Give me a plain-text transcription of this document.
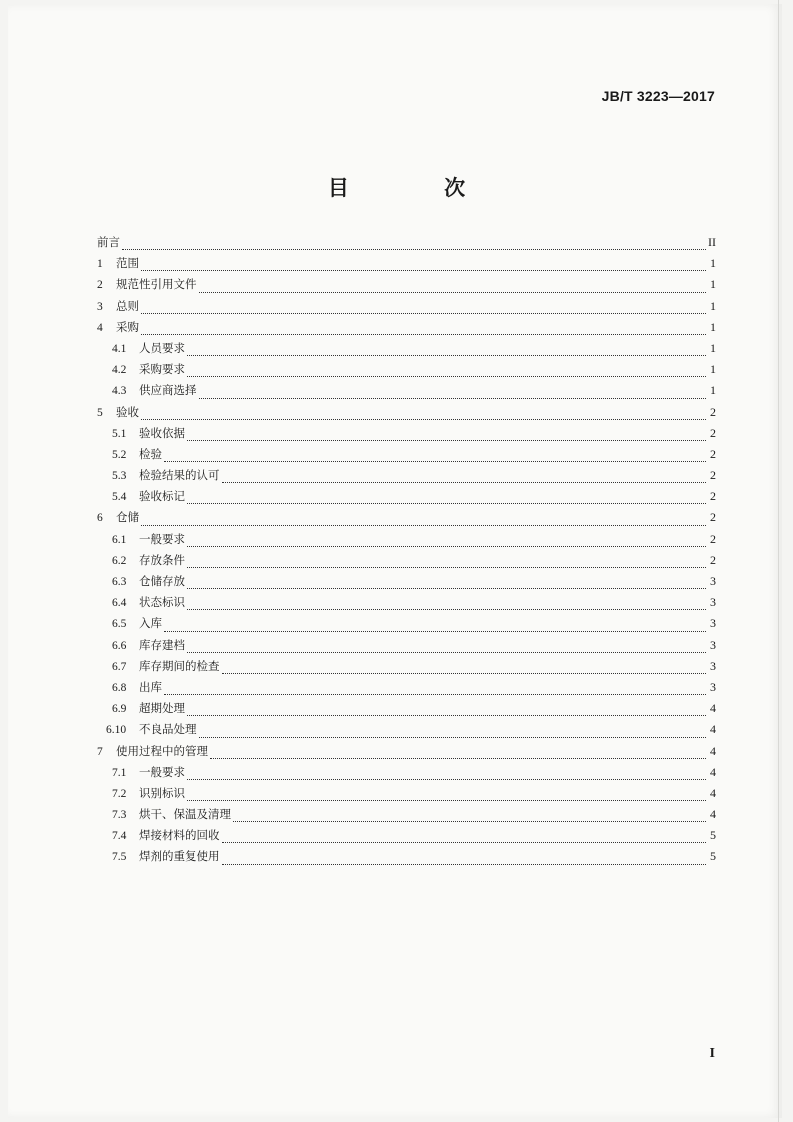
JB/T 3223—2017
目 次
前言	II
1	范围	1
2	规范性引用文件	1
3	总则	1
4	采购	1
4.1	人员要求	1
4.2	采购要求	1
4.3	供应商选择	1
5	验收	2
5.1	验收依据	2
5.2	检验	2
5.3	检验结果的认可	2
5.4	验收标记	2
6	仓储	2
6.1	一般要求	2
6.2	存放条件	2
6.3	仓储存放	3
6.4	状态标识	3
6.5	入库	3
6.6	库存建档	3
6.7	库存期间的检查	3
6.8	出库	3
6.9	超期处理	4
6.10	不良品处理	4
7	使用过程中的管理	4
7.1	一般要求	4
7.2	识别标识	4
7.3	烘干、保温及清理	4
7.4	焊接材料的回收	5
7.5	焊剂的重复使用	5
I
